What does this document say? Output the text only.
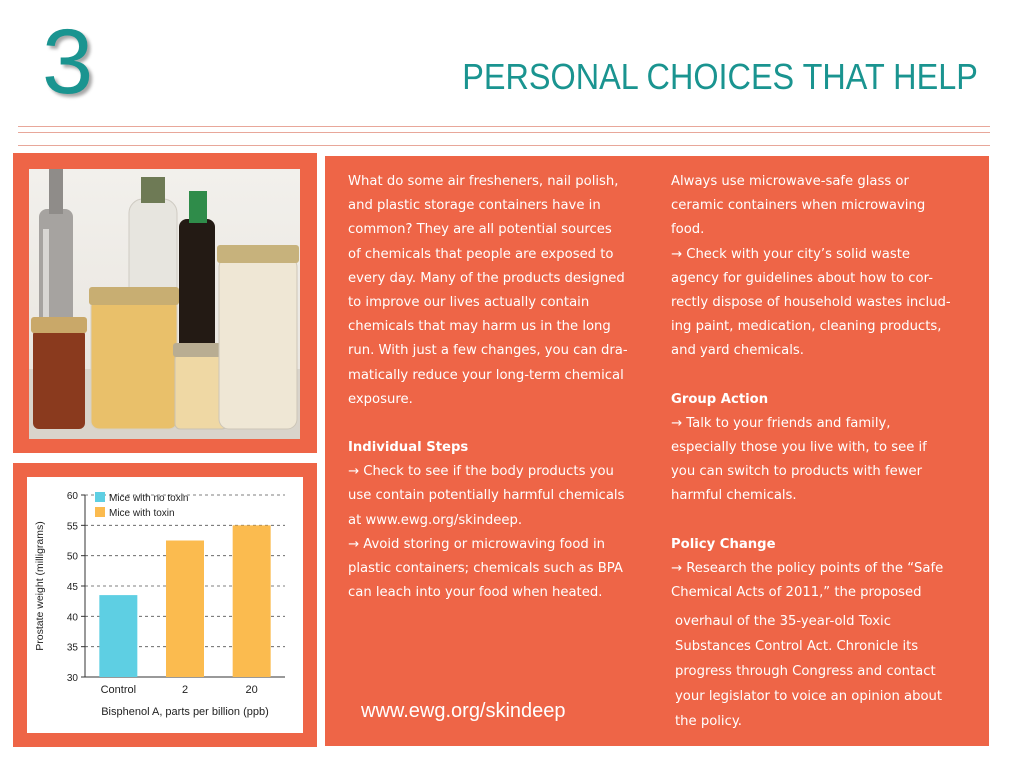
3	PERSONAL CHOICES THAT HELP
30
35
40
45
50
55
60
Control	2	20
Mice with no toxin
Mice with toxin
Bisphenol A, parts per billion (ppb)
Prostate weight (milligrams)

What do some air fresheners, nail polish,

and plastic storage containers have in

common? They are all potential sources

of chemicals that people are exposed to

every day. Many of the products designed

to improve our lives actually contain

chemicals that may harm us in the long

run. With just a few changes, you can dra-

matically reduce your long-term chemical

exposure.

Individual Steps

→ Check to see if the body products you

use contain potentially harmful chemicals

at www.ewg.org/skindeep.

→ Avoid storing or microwaving food in

plastic containers; chemicals such as BPA

can leach into your food when heated.

Always use microwave-safe glass or

ceramic containers when microwaving

food.

→ Check with your city’s solid waste

agency for guidelines about how to cor-

rectly dispose of household wastes includ-

ing paint, medication, cleaning products,

and yard chemicals.

Group Action

→ Talk to your friends and family,

especially those you live with, to see if

you can switch to products with fewer

harmful chemicals.

Policy Change

→ Research the policy points of the “Safe

Chemical Acts of 2011,” the proposed

overhaul of the 35-year-old Toxic

Substances Control Act. Chronicle its

progress through Congress and contact

your legislator to voice an opinion about

the policy.

www.ewg.org/skindeep
